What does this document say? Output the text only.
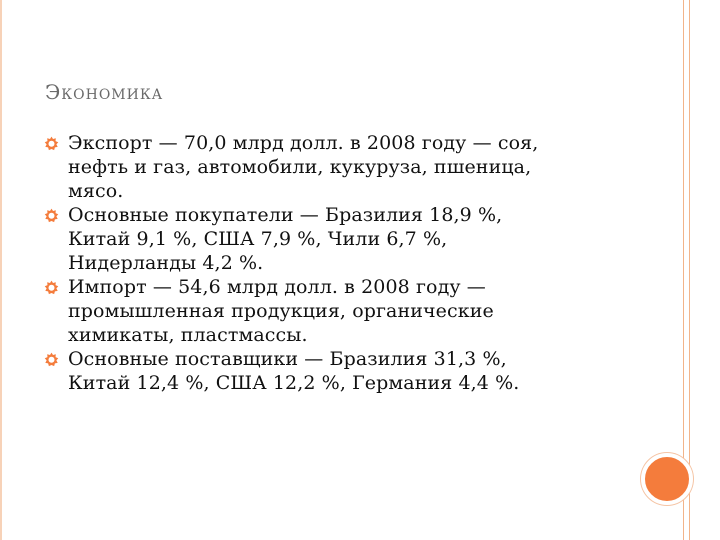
Экономика
Экспорт — 70,0 млрд долл. в 2008 году — соя,
нефть и газ, автомобили, кукуруза, пшеница,
мясо.
Основные покупатели — Бразилия 18,9 %,
Китай 9,1 %, США 7,9 %, Чили 6,7 %,
Нидерланды 4,2 %.
Импорт — 54,6 млрд долл. в 2008 году —
промышленная продукция, органические
химикаты, пластмассы.
Основные поставщики — Бразилия 31,3 %,
Китай 12,4 %, США 12,2 %, Германия 4,4 %.
